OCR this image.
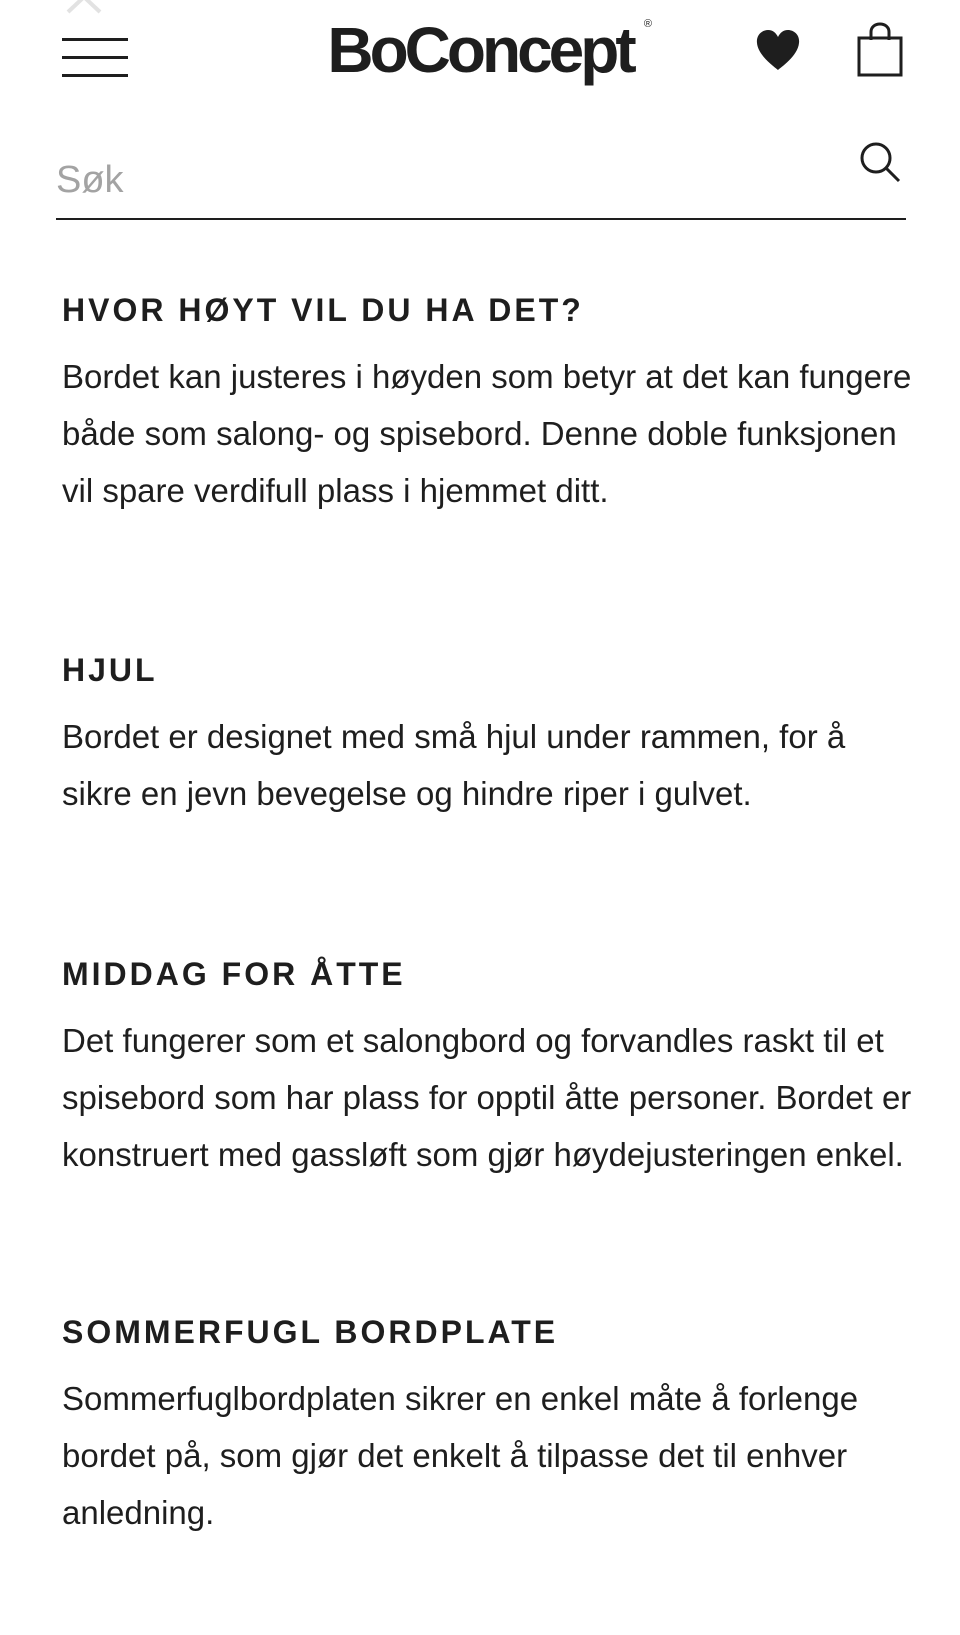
BoConcept ®
Søk
HVOR HØYT VIL DU HA DET?

Bordet kan justeres i høyden som betyr at det kan fungere både som salong- og spisebord. Denne doble funksjonen vil spare verdifull plass i hjemmet ditt.

HJUL

Bordet er designet med små hjul under rammen, for å sikre en jevn bevegelse og hindre riper i gulvet.

MIDDAG FOR ÅTTE

Det fungerer som et salongbord og forvandles raskt til et spisebord som har plass for opptil åtte personer. Bordet er konstruert med gassløft som gjør høydejusteringen enkel.

SOMMERFUGL BORDPLATE

Sommerfuglbordplaten sikrer en enkel måte å forlenge bordet på, som gjør det enkelt å tilpasse det til enhver anledning.
